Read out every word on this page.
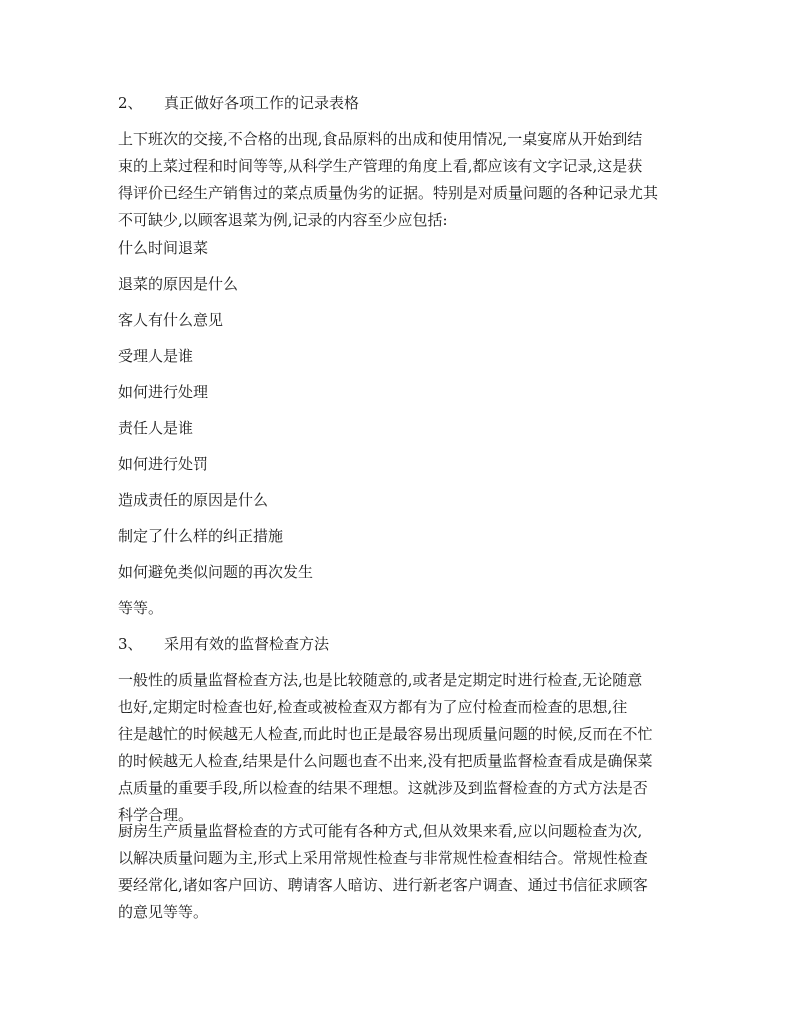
2、 真正做好各项工作的记录表格

上下班次的交接,不合格的出现,食品原料的出成和使用情况,一桌宴席从开始到结
束的上菜过程和时间等等,从科学生产管理的角度上看,都应该有文字记录,这是获
得评价已经生产销售过的菜点质量伪劣的证据。特别是对质量问题的各种记录尤其
不可缺少,以顾客退菜为例,记录的内容至少应包括:

什么时间退菜

退菜的原因是什么

客人有什么意见

受理人是谁

如何进行处理

责任人是谁

如何进行处罚

造成责任的原因是什么

制定了什么样的纠正措施

如何避免类似问题的再次发生

等等。

3、 采用有效的监督检查方法

一般性的质量监督检查方法,也是比较随意的,或者是定期定时进行检查,无论随意
也好,定期定时检查也好,检查或被检查双方都有为了应付检查而检查的思想,往
往是越忙的时候越无人检查,而此时也正是最容易出现质量问题的时候,反而在不忙
的时候越无人检查,结果是什么问题也查不出来,没有把质量监督检查看成是确保菜
点质量的重要手段,所以检查的结果不理想。这就涉及到监督检查的方式方法是否
科学合理。
厨房生产质量监督检查的方式可能有各种方式,但从效果来看,应以问题检查为次,
以解决质量问题为主,形式上采用常规性检查与非常规性检查相结合。常规性检查
要经常化,诸如客户回访、聘请客人暗访、进行新老客户调查、通过书信征求顾客
的意见等等。
